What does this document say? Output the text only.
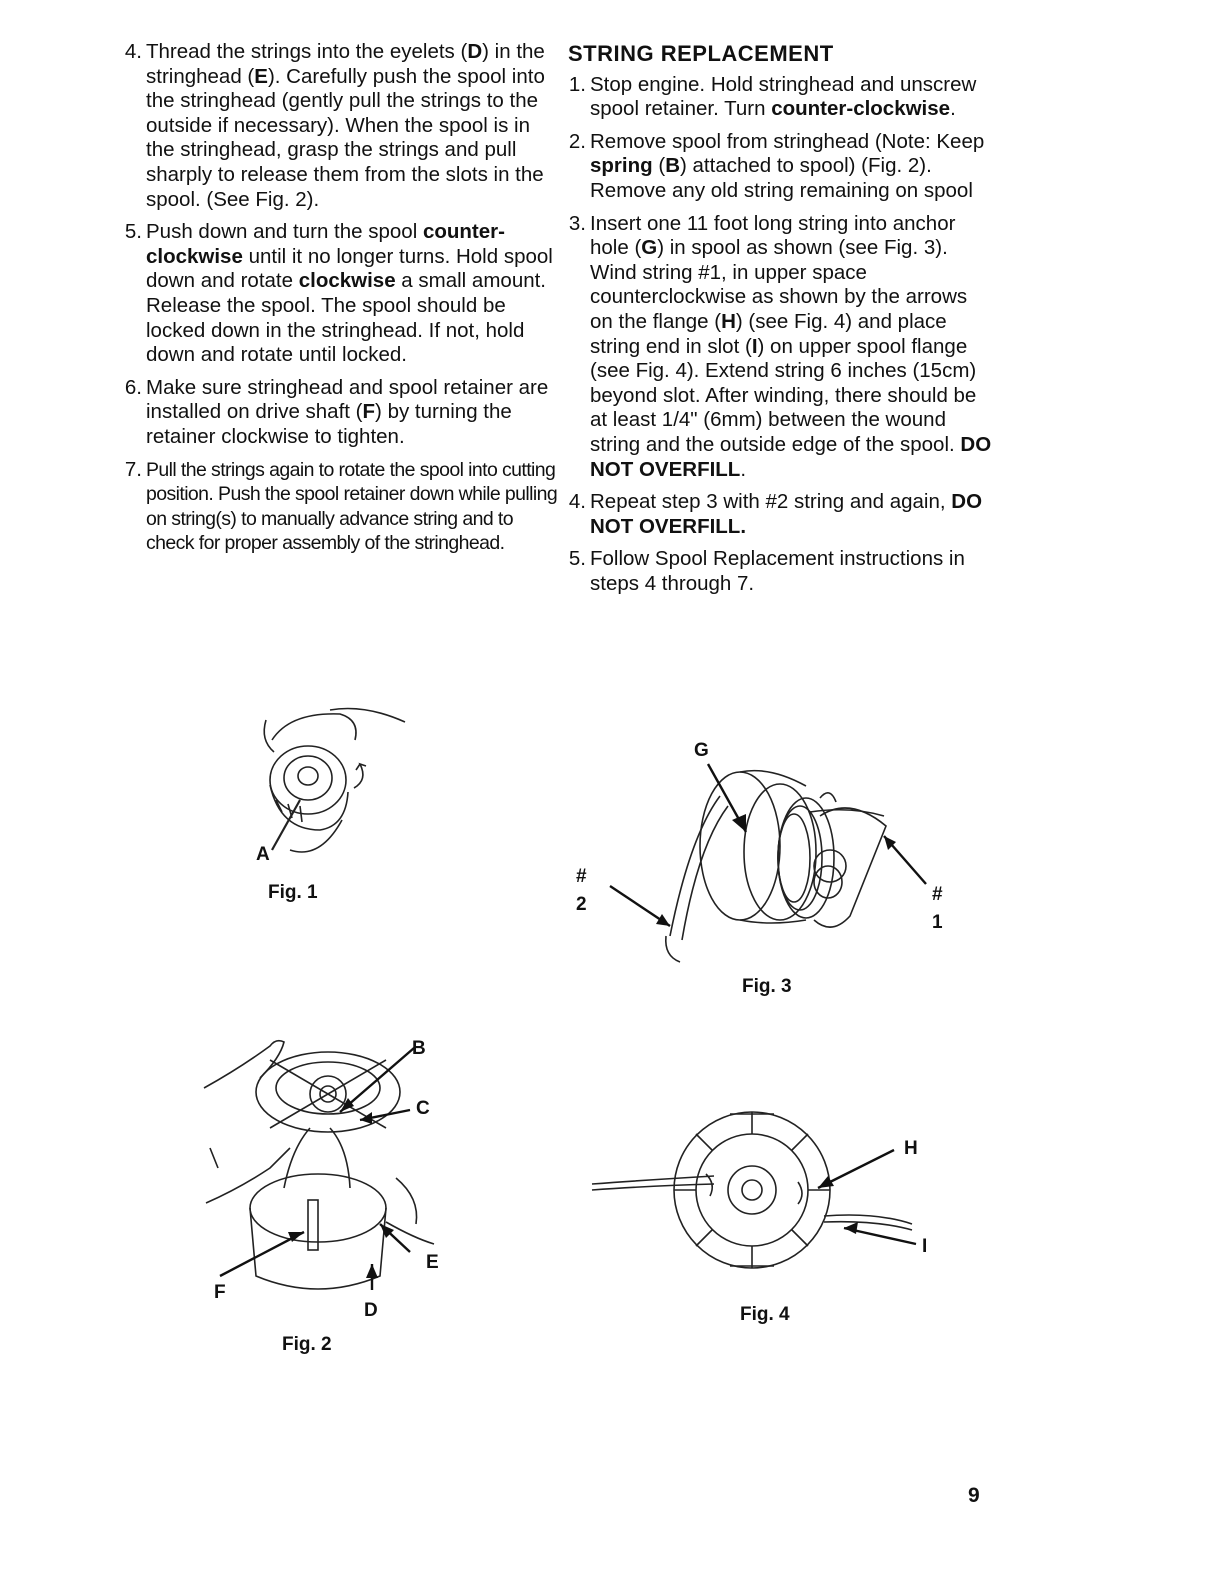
4. Thread the strings into the eyelets (D) in the stringhead (E). Carefully push the spool into the stringhead (gently pull the strings to the outside if necessary). When the spool is in the stringhead, grasp the strings and pull sharply to release them from the slots in the spool. (See Fig. 2).
5. Push down and turn the spool counter-clockwise until it no longer turns. Hold spool down and rotate clockwise a small amount. Release the spool. The spool should be locked down in the stringhead. If not, hold down and rotate until locked.
6. Make sure stringhead and spool retainer are installed on drive shaft (F) by turning the retainer clockwise to tighten.
7. Pull the strings again to rotate the spool into cutting position. Push the spool retainer down while pulling on string(s) to manually advance string and to check for proper assembly of the stringhead.
STRING REPLACEMENT
1. Stop engine. Hold stringhead and unscrew spool retainer. Turn counter-clockwise.
2. Remove spool from stringhead (Note: Keep spring (B) attached to spool) (Fig. 2). Remove any old string remaining on spool
3. Insert one 11 foot long string into anchor hole (G) in spool as shown (see Fig. 3). Wind string #1, in upper space counterclockwise as shown by the arrows on the flange (H) (see Fig. 4) and place string end in slot (I) on upper spool flange (see Fig. 4). Extend string 6 inches (15cm) beyond slot. After winding, there should be at least 1/4" (6mm) between the wound string and the outside edge of the spool. DO NOT OVERFILL.
4. Repeat step 3 with #2 string and again, DO NOT OVERFILL.
5. Follow Spool Replacement instructions in steps 4 through 7.
A
Fig. 1
B
C
E
F
D
Fig. 2
G
#
2	#
1
Fig. 3
H
I
Fig. 4
9
